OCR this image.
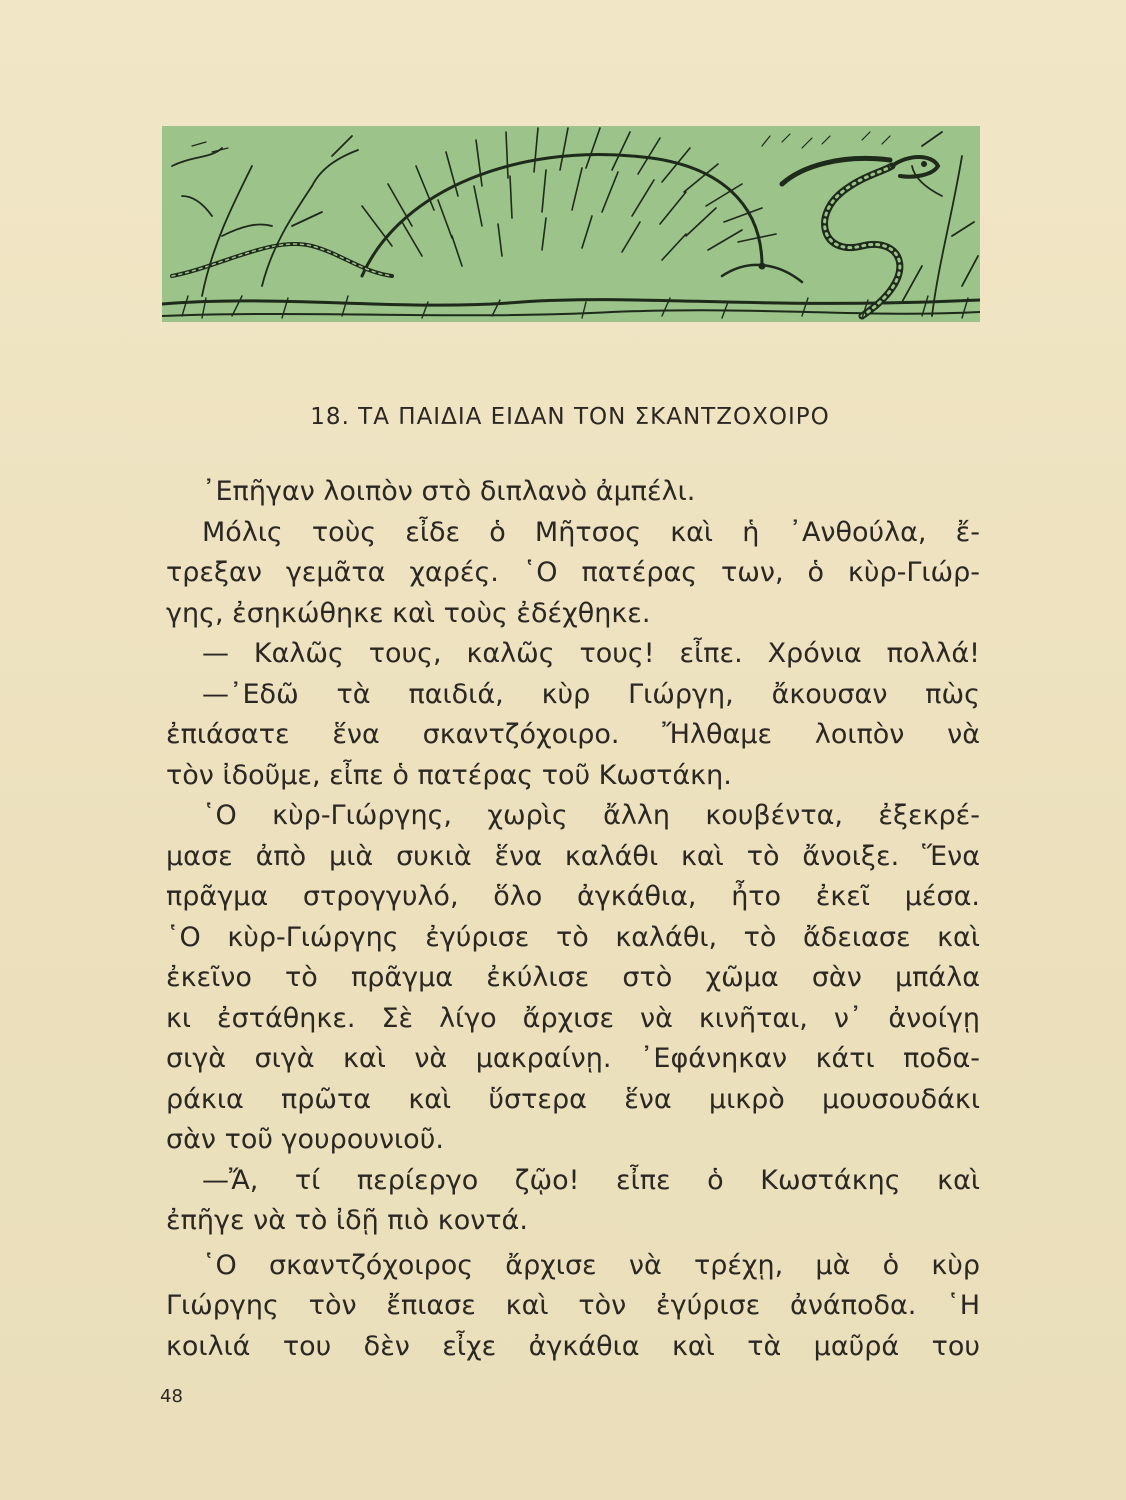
18. ΤΑ ΠΑΙΔΙΑ ΕΙΔΑΝ ΤΟΝ ΣΚΑΝΤΖΟΧΟΙΡΟ
᾿Επῆγαν λοιπὸν στὸ διπλανὸ ἀμπέλι.
Μόλις τοὺς εἶδε ὁ Μῆτσος καὶ ἡ ᾿Ανθούλα, ἔ-
τρεξαν γεμᾶτα χαρές. ῾Ο πατέρας των, ὁ κὺρ-Γιώρ-
γης, ἐσηκώθηκε καὶ τοὺς ἐδέχθηκε.
— Καλῶς τους, καλῶς τους! εἶπε. Χρόνια πολλά!
—᾿Εδῶ τὰ παιδιά, κὺρ Γιώργη, ἄκουσαν πὼς
ἐπιάσατε ἕνα σκαντζόχοιρο. Ἤλθαμε λοιπὸν νὰ
τὸν ἰδοῦμε, εἶπε ὁ πατέρας τοῦ Κωστάκη.
῾Ο κὺρ-Γιώργης, χωρὶς ἄλλη κουβέντα, ἐξεκρέ-
μασε ἀπὸ μιὰ συκιὰ ἕνα καλάθι καὶ τὸ ἄνοιξε. Ἕνα
πρᾶγμα στρογγυλό, ὅλο ἀγκάθια, ἦτο ἐκεῖ μέσα.
῾Ο κὺρ-Γιώργης ἐγύρισε τὸ καλάθι, τὸ ἄδειασε καὶ
ἐκεῖνο τὸ πρᾶγμα ἐκύλισε στὸ χῶμα σὰν μπάλα
κι ἐστάθηκε. Σὲ λίγο ἄρχισε νὰ κινῆται, ν᾿ ἀνοίγῃ
σιγὰ σιγὰ καὶ νὰ μακραίνῃ. ᾿Εφάνηκαν κάτι ποδα-
ράκια πρῶτα καὶ ὕστερα ἕνα μικρὸ μουσουδάκι
σὰν τοῦ γουρουνιοῦ.
—Ἄ, τί περίεργο ζῷο! εἶπε ὁ Κωστάκης καὶ
ἐπῆγε νὰ τὸ ἰδῇ πιὸ κοντά.
῾Ο σκαντζόχοιρος ἄρχισε νὰ τρέχῃ, μὰ ὁ κὺρ
Γιώργης τὸν ἔπιασε καὶ τὸν ἐγύρισε ἀνάποδα. ῾Η
κοιλιά του δὲν εἶχε ἀγκάθια καὶ τὰ μαῦρά του
48
